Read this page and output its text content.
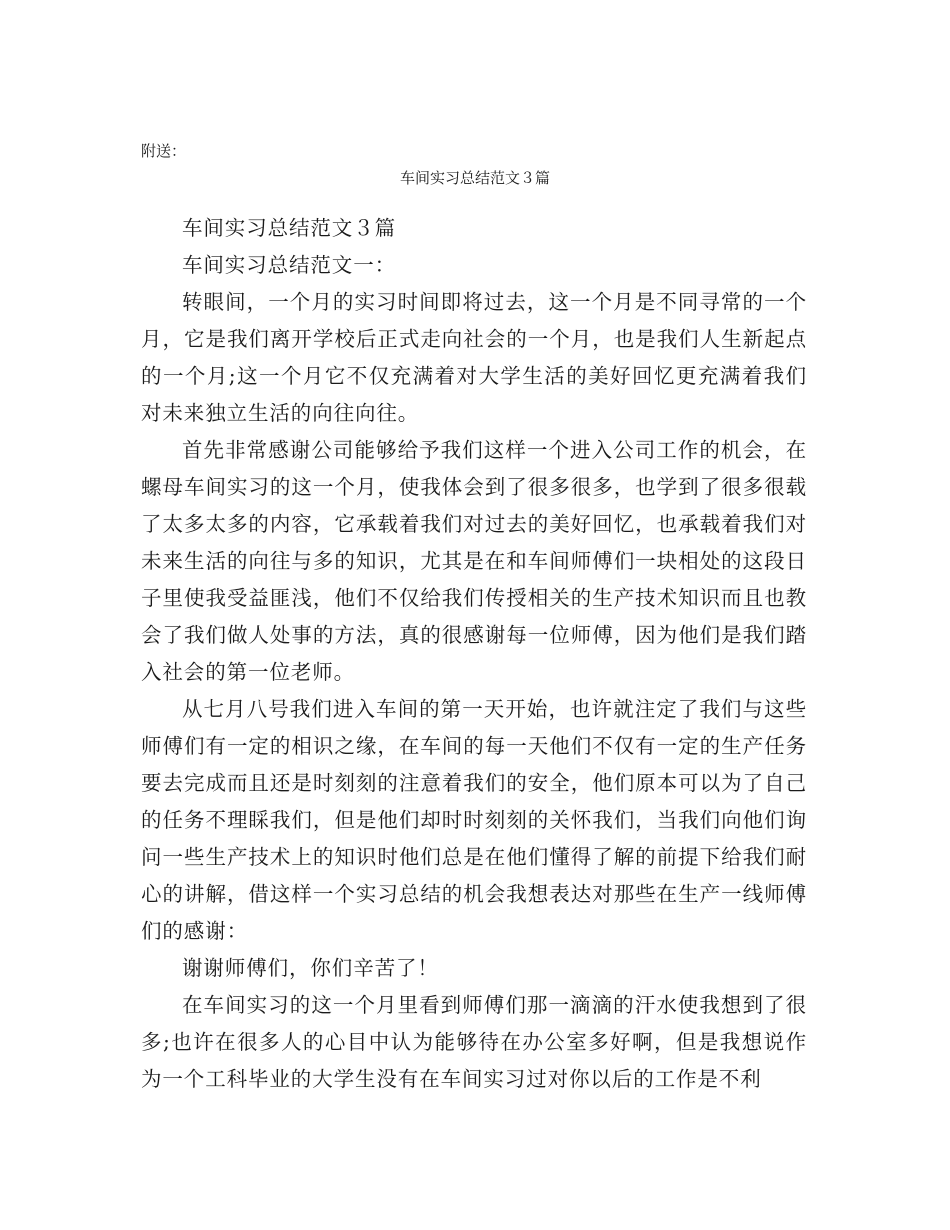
附送：
车间实习总结范文３篇

车间实习总结范文３篇

车间实习总结范文一：

转眼间，一个月的实习时间即将过去，这一个月是不同寻常的一个月，它是我们离开学校后正式走向社会的一个月，也是我们人生新起点的一个月;这一个月它不仅充满着对大学生活的美好回忆更充满着我们对未来独立生活的向往向往。

首先非常感谢公司能够给予我们这样一个进入公司工作的机会，在螺母车间实习的这一个月，使我体会到了很多很多，也学到了很多很载了太多太多的内容，它承载着我们对过去的美好回忆，也承载着我们对未来生活的向往与多的知识，尤其是在和车间师傅们一块相处的这段日子里使我受益匪浅，他们不仅给我们传授相关的生产技术知识而且也教会了我们做人处事的方法，真的很感谢每一位师傅，因为他们是我们踏入社会的第一位老师。

从七月八号我们进入车间的第一天开始，也许就注定了我们与这些师傅们有一定的相识之缘，在车间的每一天他们不仅有一定的生产任务要去完成而且还是时刻刻的注意着我们的安全，他们原本可以为了自己的任务不理睬我们，但是他们却时时刻刻的关怀我们，当我们向他们询问一些生产技术上的知识时他们总是在他们懂得了解的前提下给我们耐心的讲解，借这样一个实习总结的机会我想表达对那些在生产一线师傅们的感谢：

谢谢师傅们，你们辛苦了！

在车间实习的这一个月里看到师傅们那一滴滴的汗水使我想到了很多;也许在很多人的心目中认为能够待在办公室多好啊，但是我想说作为一个工科毕业的大学生没有在车间实习过对你以后的工作是不利
